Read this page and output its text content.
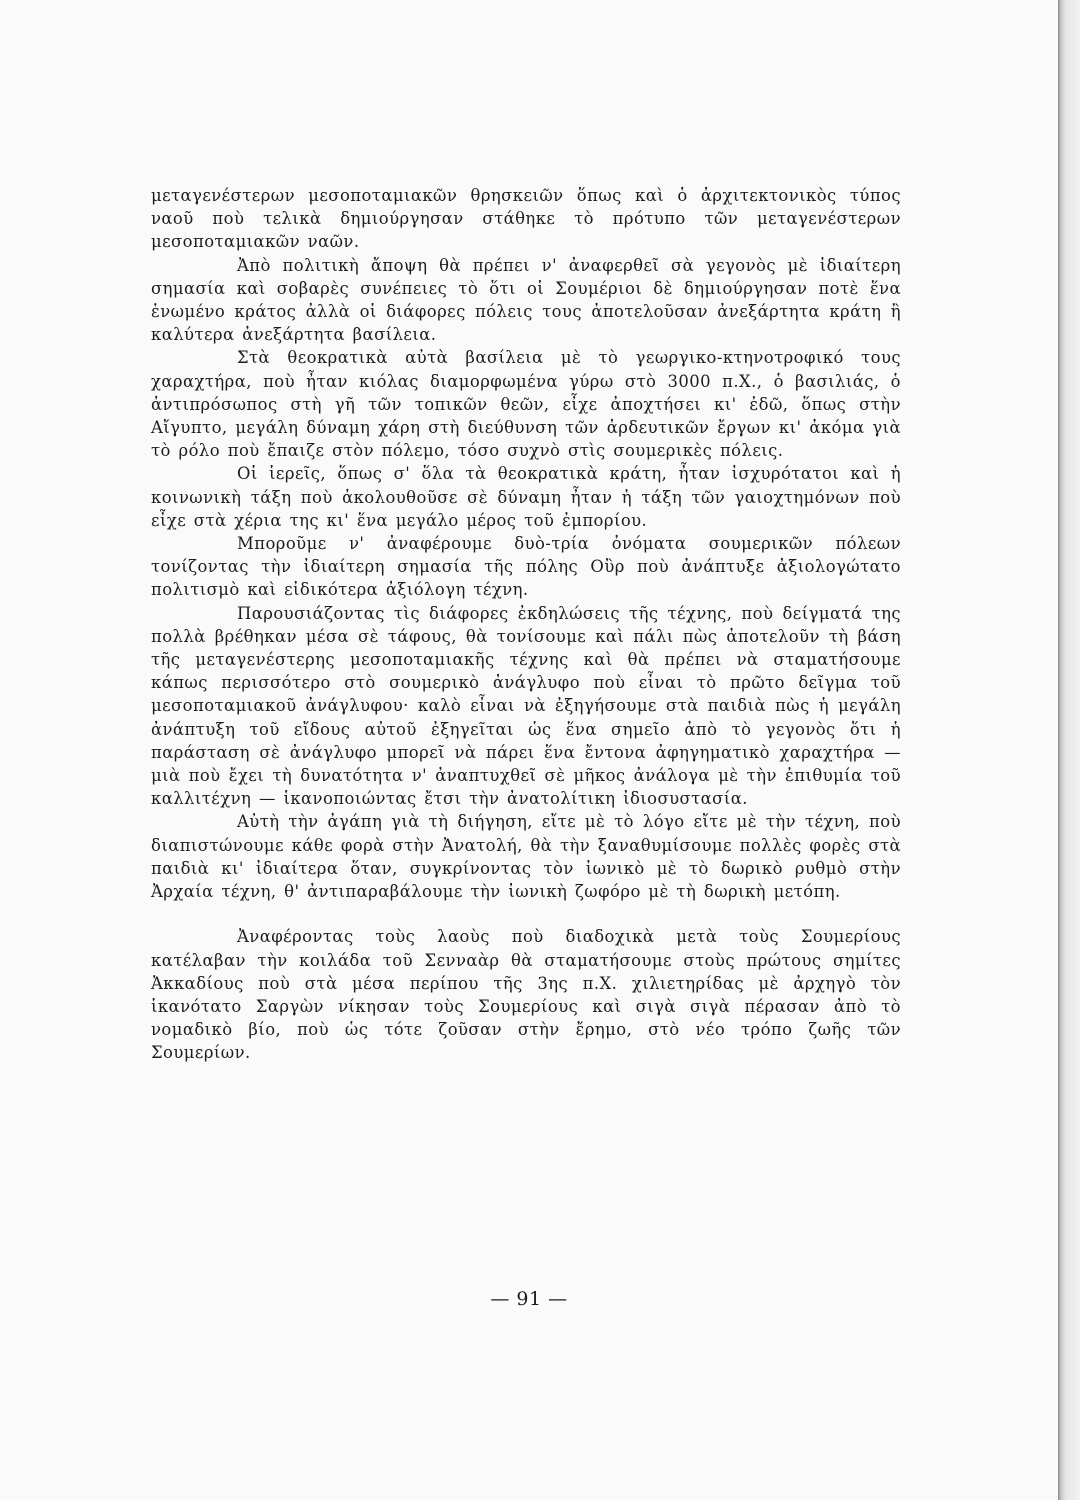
μεταγενέστερων μεσοποταμιακῶν θρησκειῶν ὅπως καὶ ὁ ἀρχιτεκτονικὸς τύπος ναοῦ ποὺ τελικὰ δημιούργησαν στάθηκε τὸ πρότυπο τῶν μεταγενέστερων μεσοποταμιακῶν ναῶν.

Ἀπὸ πολιτικὴ ἄποψη θὰ πρέπει ν' ἀναφερθεῖ σὰ γεγονὸς μὲ ἰδιαίτερη σημασία καὶ σοβαρὲς συνέπειες τὸ ὅτι οἱ Σουμέριοι δὲ δημιούργησαν ποτὲ ἕνα ἑνωμένο κράτος ἀλλὰ οἱ διάφορες πόλεις τους ἀποτελοῦσαν ἀνεξάρτητα κράτη ἢ καλύτερα ἀνεξάρτητα βασίλεια.

Στὰ θεοκρατικὰ αὐτὰ βασίλεια μὲ τὸ γεωργικο-κτηνοτροφικό τους χαραχτήρα, ποὺ ἦταν κιόλας διαμορφωμένα γύρω στὸ 3000 π.Χ., ὁ βασιλιάς, ὁ ἀντιπρόσωπος στὴ γῆ τῶν τοπικῶν θεῶν, εἶχε ἀποχτήσει κι' ἐδῶ, ὅπως στὴν Αἴγυπτο, μεγάλη δύναμη χάρη στὴ διεύθυνση τῶν ἀρδευτικῶν ἔργων κι' ἀκόμα γιὰ τὸ ρόλο ποὺ ἔπαιζε στὸν πόλεμο, τόσο συχνὸ στὶς σουμερικὲς πόλεις.

Οἱ ἱερεῖς, ὅπως σ' ὅλα τὰ θεοκρατικὰ κράτη, ἦταν ἰσχυρότατοι καὶ ἡ κοινωνικὴ τάξη ποὺ ἀκολουθοῦσε σὲ δύναμη ἦταν ἡ τάξη τῶν γαιοχτημόνων ποὺ εἶχε στὰ χέρια της κι' ἕνα μεγάλο μέρος τοῦ ἐμπορίου.

Μποροῦμε ν' ἀναφέρουμε δυὸ-τρία ὀνόματα σουμερικῶν πόλεων τονίζοντας τὴν ἰδιαίτερη σημασία τῆς πόλης Οὒρ ποὺ ἀνάπτυξε ἀξιολογώτατο πολιτισμὸ καὶ εἰδικότερα ἀξιόλογη τέχνη.

Παρουσιάζοντας τὶς διάφορες ἐκδηλώσεις τῆς τέχνης, ποὺ δείγματά της πολλὰ βρέθηκαν μέσα σὲ τάφους, θὰ τονίσουμε καὶ πάλι πὼς ἀποτελοῦν τὴ βάση τῆς μεταγενέστερης μεσοποταμιακῆς τέχνης καὶ θὰ πρέπει νὰ σταματήσουμε κάπως περισσότερο στὸ σουμερικὸ ἀνάγλυφο ποὺ εἶναι τὸ πρῶτο δεῖγμα τοῦ μεσοποταμιακοῦ ἀνάγλυφου· καλὸ εἶναι νὰ ἐξηγήσουμε στὰ παιδιὰ πὼς ἡ μεγάλη ἀνάπτυξη τοῦ εἴδους αὐτοῦ ἐξηγεῖται ὡς ἕνα σημεῖο ἀπὸ τὸ γεγονὸς ὅτι ἡ παράσταση σὲ ἀνάγλυφο μπορεῖ νὰ πάρει ἕνα ἔντονα ἀφηγηματικὸ χαραχτήρα — μιὰ ποὺ ἔχει τὴ δυνατότητα ν' ἀναπτυχθεῖ σὲ μῆκος ἀνάλογα μὲ τὴν ἐπιθυμία τοῦ καλλιτέχνη — ἱκανοποιώντας ἔτσι τὴν ἀνατολίτικη ἰδιοσυστασία.

Αὐτὴ τὴν ἀγάπη γιὰ τὴ διήγηση, εἴτε μὲ τὸ λόγο εἴτε μὲ τὴν τέχνη, ποὺ διαπιστώνουμε κάθε φορὰ στὴν Ἀνατολή, θὰ τὴν ξαναθυμίσουμε πολλὲς φορὲς στὰ παιδιὰ κι' ἰδιαίτερα ὅταν, συγκρίνοντας τὸν ἰωνικὸ μὲ τὸ δωρικὸ ρυθμὸ στὴν Ἀρχαία τέχνη, θ' ἀντιπαραβάλουμε τὴν ἰωνικὴ ζωφόρο μὲ τὴ δωρικὴ μετόπη.

Ἀναφέροντας τοὺς λαοὺς ποὺ διαδοχικὰ μετὰ τοὺς Σουμερίους κατέλαβαν τὴν κοιλάδα τοῦ Σενναὰρ θὰ σταματήσουμε στοὺς πρώτους σημίτες Ἀκκαδίους ποὺ στὰ μέσα περίπου τῆς 3ης π.Χ. χιλιετηρίδας μὲ ἀρχηγὸ τὸν ἱκανότατο Σαργὼν νίκησαν τοὺς Σουμερίους καὶ σιγὰ σιγὰ πέρασαν ἀπὸ τὸ νομαδικὸ βίο, ποὺ ὡς τότε ζοῦσαν στὴν ἔρημο, στὸ νέο τρόπο ζωῆς τῶν Σουμερίων.

— 91 —
